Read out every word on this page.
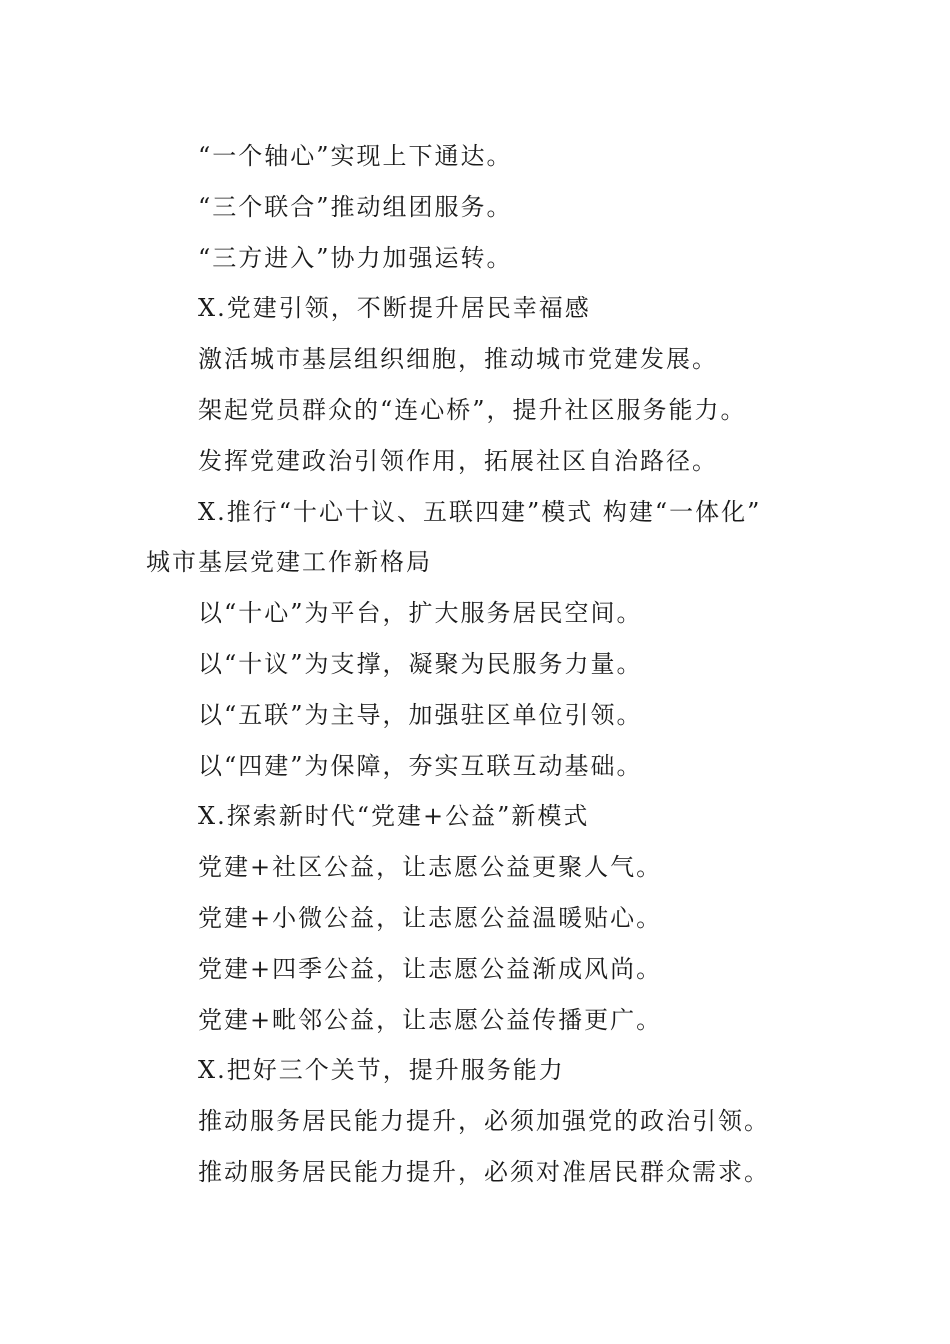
“一个轴心”实现上下通达。
“三个联合”推动组团服务。
“三方进入”协力加强运转。
X.党建引领，不断提升居民幸福感
激活城市基层组织细胞，推动城市党建发展。
架起党员群众的“连心桥”，提升社区服务能力。
发挥党建政治引领作用，拓展社区自治路径。
X.推行“十心十议、五联四建”模式 构建“一体化”
城市基层党建工作新格局
以“十心”为平台，扩大服务居民空间。
以“十议”为支撑，凝聚为民服务力量。
以“五联”为主导，加强驻区单位引领。
以“四建”为保障，夯实互联互动基础。
X.探索新时代“党建+公益”新模式
党建+社区公益，让志愿公益更聚人气。
党建+小微公益，让志愿公益温暖贴心。
党建+四季公益，让志愿公益渐成风尚。
党建+毗邻公益，让志愿公益传播更广。
X.把好三个关节，提升服务能力
推动服务居民能力提升，必须加强党的政治引领。
推动服务居民能力提升，必须对准居民群众需求。
